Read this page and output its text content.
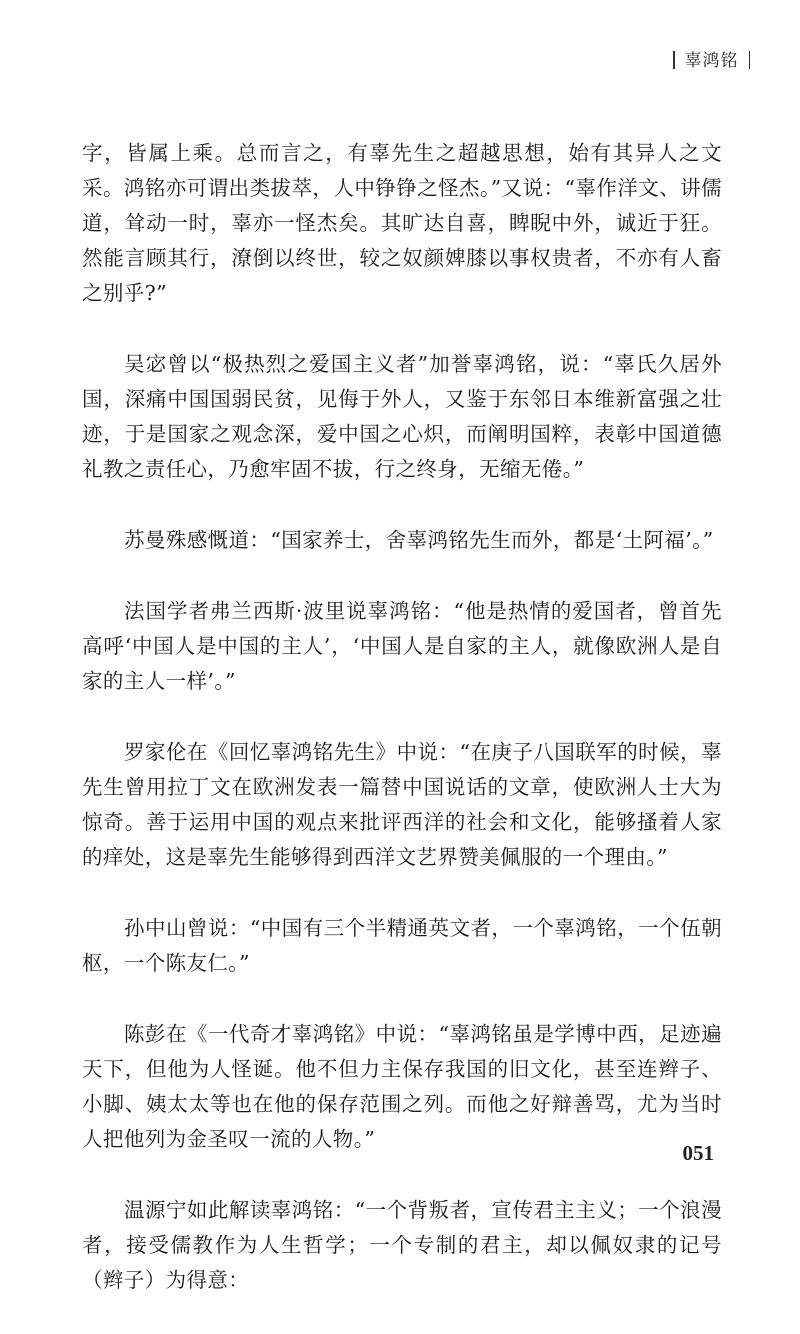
辜鸿铭

字，皆属上乘。总而言之，有辜先生之超越思想，始有其异人之文采。鸿铭亦可谓出类拔萃，人中铮铮之怪杰。”又说：“辜作洋文、讲儒道，耸动一时，辜亦一怪杰矣。其旷达自喜，睥睨中外，诚近于狂。然能言顾其行，潦倒以终世，较之奴颜婢膝以事权贵者，不亦有人畜之别乎?”

吴宓曾以“极热烈之爱国主义者”加誉辜鸿铭，说：“辜氏久居外国，深痛中国国弱民贫，见侮于外人，又鉴于东邻日本维新富强之壮迹，于是国家之观念深，爱中国之心炽，而阐明国粹，表彰中国道德礼教之责任心，乃愈牢固不拔，行之终身，无缩无倦。”

苏曼殊感慨道：“国家养士，舍辜鸿铭先生而外，都是‘土阿福’。”

法国学者弗兰西斯·波里说辜鸿铭：“他是热情的爱国者，曾首先高呼‘中国人是中国的主人’，‘中国人是自家的主人，就像欧洲人是自家的主人一样’。”

罗家伦在《回忆辜鸿铭先生》中说：“在庚子八国联军的时候，辜先生曾用拉丁文在欧洲发表一篇替中国说话的文章，使欧洲人士大为惊奇。善于运用中国的观点来批评西洋的社会和文化，能够搔着人家的痒处，这是辜先生能够得到西洋文艺界赞美佩服的一个理由。”

孙中山曾说：“中国有三个半精通英文者，一个辜鸿铭，一个伍朝枢，一个陈友仁。”

陈彭在《一代奇才辜鸿铭》中说：“辜鸿铭虽是学博中西，足迹遍天下，但他为人怪诞。他不但力主保存我国的旧文化，甚至连辫子、小脚、姨太太等也在他的保存范围之列。而他之好辩善骂，尤为当时人把他列为金圣叹一流的人物。”

温源宁如此解读辜鸿铭：“一个背叛者，宣传君主主义；一个浪漫者，接受儒教作为人生哲学；一个专制的君主，却以佩奴隶的记号（辫子）为得意：

051
